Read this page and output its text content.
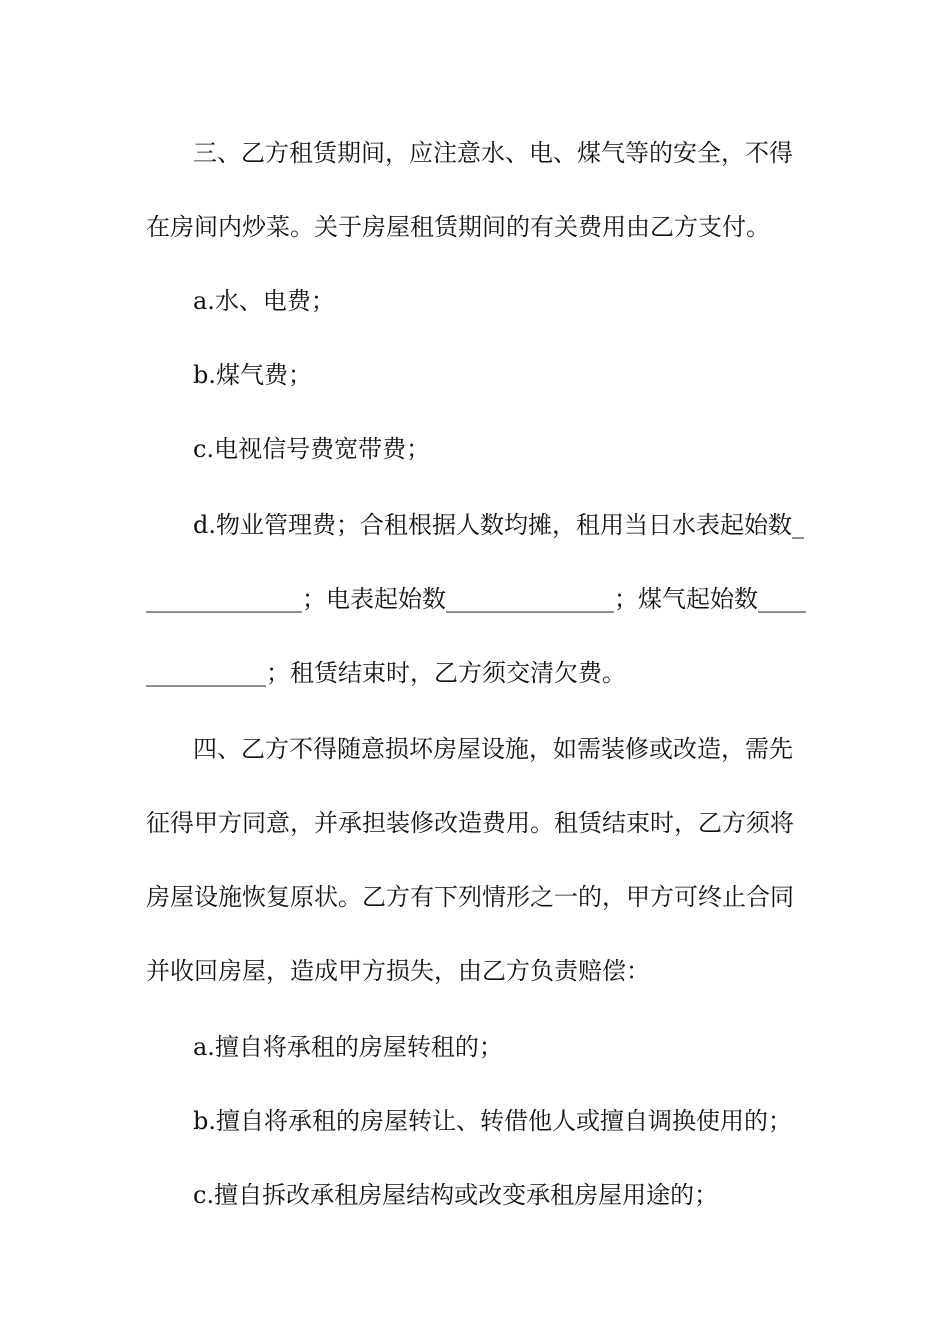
三、乙方租赁期间，应注意水、电、煤气等的安全，不得
在房间内炒菜。关于房屋租赁期间的有关费用由乙方支付。
a.水、电费；
b.煤气费；
c.电视信号费宽带费；
d.物业管理费；合租根据人数均摊，租用当日水表起始数_
_____________；电表起始数______________；煤气起始数____
__________；租赁结束时，乙方须交清欠费。
四、乙方不得随意损坏房屋设施，如需装修或改造，需先
征得甲方同意，并承担装修改造费用。租赁结束时，乙方须将
房屋设施恢复原状。乙方有下列情形之一的，甲方可终止合同
并收回房屋，造成甲方损失，由乙方负责赔偿：
a.擅自将承租的房屋转租的；
b.擅自将承租的房屋转让、转借他人或擅自调换使用的；
c.擅自拆改承租房屋结构或改变承租房屋用途的；
